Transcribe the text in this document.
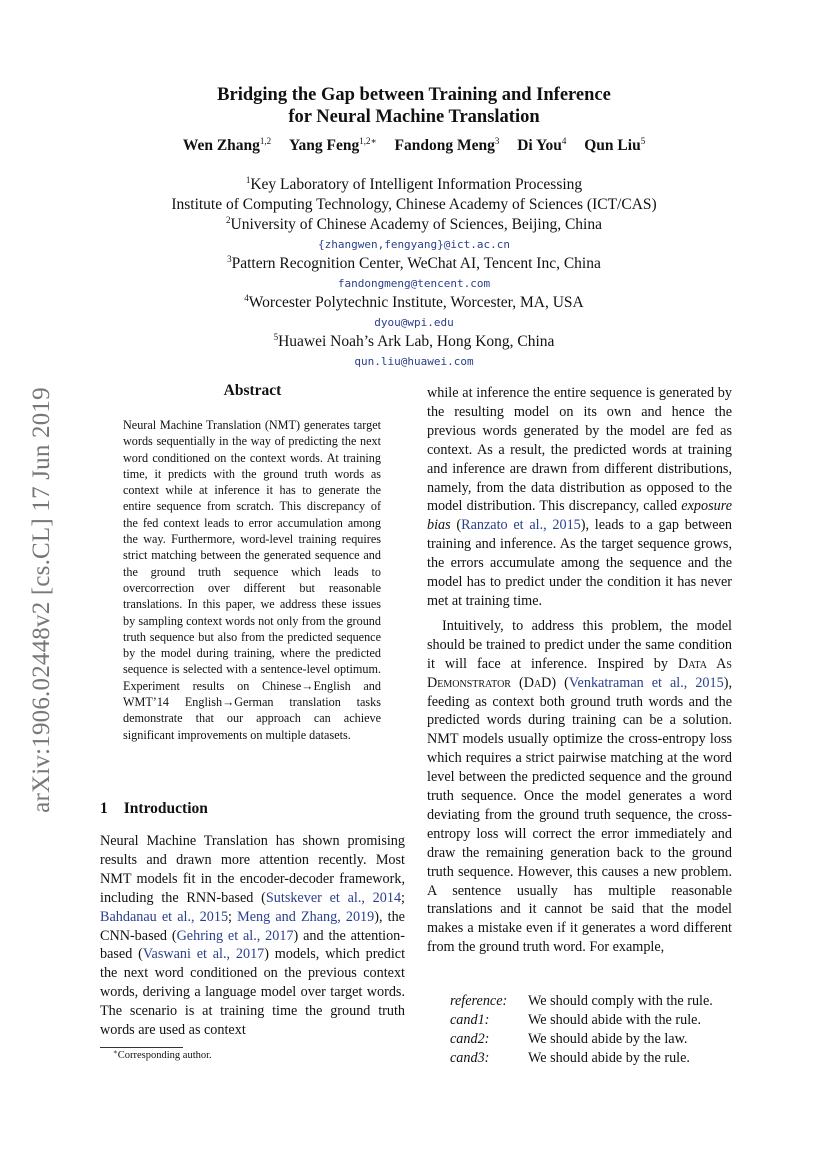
arXiv:1906.02448v2 [cs.CL] 17 Jun 2019
Bridging the Gap between Training and Inference
for Neural Machine Translation
Wen Zhang$^{1,2}$ Yang Feng$^{1,2∗}$ Fandong Meng$^3$ Di You$^4$ Qun Liu$^5$
$^1$Key Laboratory of Intelligent Information Processing
Institute of Computing Technology, Chinese Academy of Sciences (ICT/CAS)
$^2$University of Chinese Academy of Sciences, Beijing, China
{zhangwen,fengyang}@ict.ac.cn
$^3$Pattern Recognition Center, WeChat AI, Tencent Inc, China
fandongmeng@tencent.com
$^4$Worcester Polytechnic Institute, Worcester, MA, USA
dyou@wpi.edu
$^5$Huawei Noah’s Ark Lab, Hong Kong, China
qun.liu@huawei.com
Abstract
Neural Machine Translation (NMT) generates target words sequentially in the way of predicting the next word conditioned on the context words. At training time, it predicts with the ground truth words as context while at inference it has to generate the entire sequence from scratch. This discrepancy of the fed context leads to error accumulation among the way. Furthermore, word-level training requires strict matching between the generated sequence and the ground truth sequence which leads to overcorrection over different but reasonable translations. In this paper, we address these issues by sampling context words not only from the ground truth sequence but also from the predicted sequence by the model during training, where the predicted sequence is selected with a sentence-level optimum. Experiment results on Chinese→English and WMT’14 English→German translation tasks demonstrate that our approach can achieve significant improvements on multiple datasets.
1 Introduction
Neural Machine Translation has shown promising results and drawn more attention recently. Most NMT models fit in the encoder-decoder framework, including the RNN-based (Sutskever et al., 2014; Bahdanau et al., 2015; Meng and Zhang, 2019), the CNN-based (Gehring et al., 2017) and the attention-based (Vaswani et al., 2017) models, which predict the next word conditioned on the previous context words, deriving a language model over target words. The scenario is at training time the ground truth words are used as context

while at inference the entire sequence is generated by the resulting model on its own and hence the previous words generated by the model are fed as context. As a result, the predicted words at training and inference are drawn from different distributions, namely, from the data distribution as opposed to the model distribution. This discrepancy, called exposure bias (Ranzato et al., 2015), leads to a gap between training and inference. As the target sequence grows, the errors accumulate among the sequence and the model has to predict under the condition it has never met at training time.

Intuitively, to address this problem, the model should be trained to predict under the same condition it will face at inference. Inspired by Data As Demonstrator (DaD) (Venkatraman et al., 2015), feeding as context both ground truth words and the predicted words during training can be a solution. NMT models usually optimize the cross-entropy loss which requires a strict pairwise matching at the word level between the predicted sequence and the ground truth sequence. Once the model generates a word deviating from the ground truth sequence, the cross-entropy loss will correct the error immediately and draw the remaining generation back to the ground truth sequence. However, this causes a new problem. A sentence usually has multiple reasonable translations and it cannot be said that the model makes a mistake even if it generates a word different from the ground truth word. For example,

reference: We should comply with the rule.
cand1:	We should abide with the rule.
cand2:	We should abide by the law.
cand3:	We should abide by the rule.
∗Corresponding author.
